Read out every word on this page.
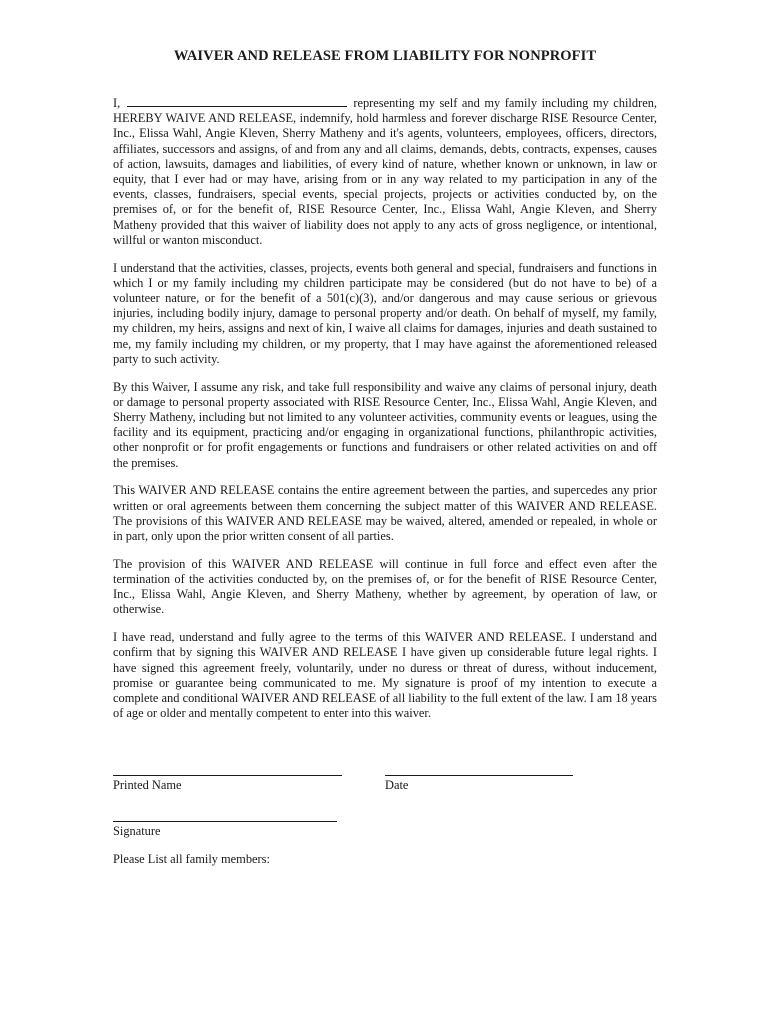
WAIVER AND RELEASE FROM LIABILITY FOR NONPROFIT

I,	representing my self and my family including my children, HEREBY WAIVE AND RELEASE, indemnify, hold harmless and forever discharge RISE Resource Center, Inc., Elissa Wahl, Angie Kleven, Sherry Matheny and it's agents, volunteers, employees, officers, directors, affiliates, successors and assigns, of and from any and all claims, demands, debts, contracts, expenses, causes of action, lawsuits, damages and liabilities, of every kind of nature, whether known or unknown, in law or equity, that I ever had or may have, arising from or in any way related to my participation in any of the events, classes, fundraisers, special events, special projects, projects or activities conducted by, on the premises of, or for the benefit of, RISE Resource Center, Inc., Elissa Wahl, Angie Kleven, and Sherry Matheny provided that this waiver of liability does not apply to any acts of gross negligence, or intentional, willful or wanton misconduct.

I understand that the activities, classes, projects, events both general and special, fundraisers and functions in which I or my family including my children participate may be considered (but do not have to be) of a volunteer nature, or for the benefit of a 501(c)(3), and/or dangerous and may cause serious or grievous injuries, including bodily injury, damage to personal property and/or death. On behalf of myself, my family, my children, my heirs, assigns and next of kin, I waive all claims for damages, injuries and death sustained to me, my family including my children, or my property, that I may have against the aforementioned released party to such activity.

By this Waiver, I assume any risk, and take full responsibility and waive any claims of personal injury, death or damage to personal property associated with RISE Resource Center, Inc., Elissa Wahl, Angie Kleven, and Sherry Matheny, including but not limited to any volunteer activities, community events or leagues, using the facility and its equipment, practicing and/or engaging in organizational functions, philanthropic activities, other nonprofit or for profit engagements or functions and fundraisers or other related activities on and off the premises.

This WAIVER AND RELEASE contains the entire agreement between the parties, and supercedes any prior written or oral agreements between them concerning the subject matter of this WAIVER AND RELEASE. The provisions of this WAIVER AND RELEASE may be waived, altered, amended or repealed, in whole or in part, only upon the prior written consent of all parties.

The provision of this WAIVER AND RELEASE will continue in full force and effect even after the termination of the activities conducted by, on the premises of, or for the benefit of RISE Resource Center, Inc., Elissa Wahl, Angie Kleven, and Sherry Matheny, whether by agreement, by operation of law, or otherwise.

I have read, understand and fully agree to the terms of this WAIVER AND RELEASE. I understand and confirm that by signing this WAIVER AND RELEASE I have given up considerable future legal rights. I have signed this agreement freely, voluntarily, under no duress or threat of duress, without inducement, promise or guarantee being communicated to me. My signature is proof of my intention to execute a complete and conditional WAIVER AND RELEASE of all liability to the full extent of the law. I am 18 years of age or older and mentally competent to enter into this waiver.

Printed Name	Date
Signature
Please List all family members:
